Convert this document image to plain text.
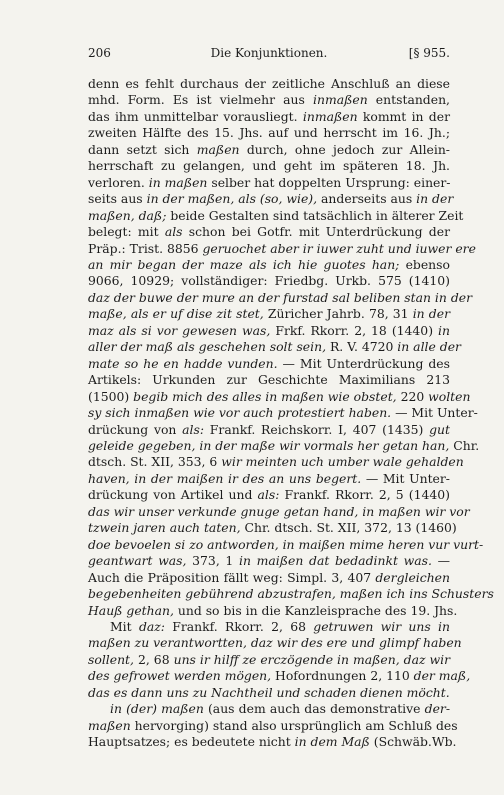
206	Die Konjunktionen.	[§ 955.
denn es fehlt durchaus der zeitliche Anschluß an diese
mhd. Form. Es ist vielmehr aus inmaßen entstanden,
das ihm unmittelbar vorausliegt. inmaßen kommt in der
zweiten Hälfte des 15. Jhs. auf und herrscht im 16. Jh.;
dann setzt sich maßen durch, ohne jedoch zur Allein-
herrschaft zu gelangen, und geht im späteren 18. Jh.
verloren. in maßen selber hat doppelten Ursprung: einer-
seits aus in der maßen, als (so, wie), anderseits aus in der
maßen, daß; beide Gestalten sind tatsächlich in älterer Zeit
belegt: mit als schon bei Gotfr. mit Unterdrückung der
Präp.: Trist. 8856 geruochet aber ir iuwer zuht und iuwer ere
an mir began der maze als ich hie guotes han; ebenso
9066, 10929; vollständiger: Friedbg. Urkb. 575 (1410)
daz der buwe der mure an der furstad sal beliben stan in der
maße, als er uf dise zit stet, Züricher Jahrb. 78, 31 in der
maz als si vor gewesen was, Frkf. Rkorr. 2, 18 (1440) in
aller der maß als geschehen solt sein, R. V. 4720 in alle der
mate so he en hadde vunden. — Mit Unterdrückung des
Artikels: Urkunden zur Geschichte Maximilians 213
(1500) begib mich des alles in maßen wie obstet, 220 wolten
sy sich inmaßen wie vor auch protestiert haben. — Mit Unter-
drückung von als: Frankf. Reichskorr. I, 407 (1435) gut
geleide gegeben, in der maße wir vormals her getan han, Chr.
dtsch. St. XII, 353, 6 wir meinten uch umber wale gehalden
haven, in der maißen ir des an uns begert. — Mit Unter-
drückung von Artikel und als: Frankf. Rkorr. 2, 5 (1440)
das wir unser verkunde gnuge getan hand, in maßen wir vor
tzwein jaren auch taten, Chr. dtsch. St. XII, 372, 13 (1460)
doe bevoelen si zo antworden, in maißen mime heren vur vurt-
geantwart was, 373, 1 in maißen dat bedadinkt was. —
Auch die Präposition fällt weg: Simpl. 3, 407 dergleichen
begebenheiten gebührend abzustrafen, maßen ich ins Schusters
Hauß gethan, und so bis in die Kanzleisprache des 19. Jhs.
Mit daz: Frankf. Rkorr. 2, 68 getruwen wir uns in
maßen zu verantwortten, daz wir des ere und glimpf haben
sollent, 2, 68 uns ir hilff ze erczögende in maßen, daz wir
des gefrowet werden mögen, Hofordnungen 2, 110 der maß,
das es dann uns zu Nachtheil und schaden dienen möcht.
in (der) maßen (aus dem auch das demonstrative der-
maßen hervorging) stand also ursprünglich am Schluß des
Hauptsatzes; es bedeutete nicht in dem Maß (Schwäb.Wb.
